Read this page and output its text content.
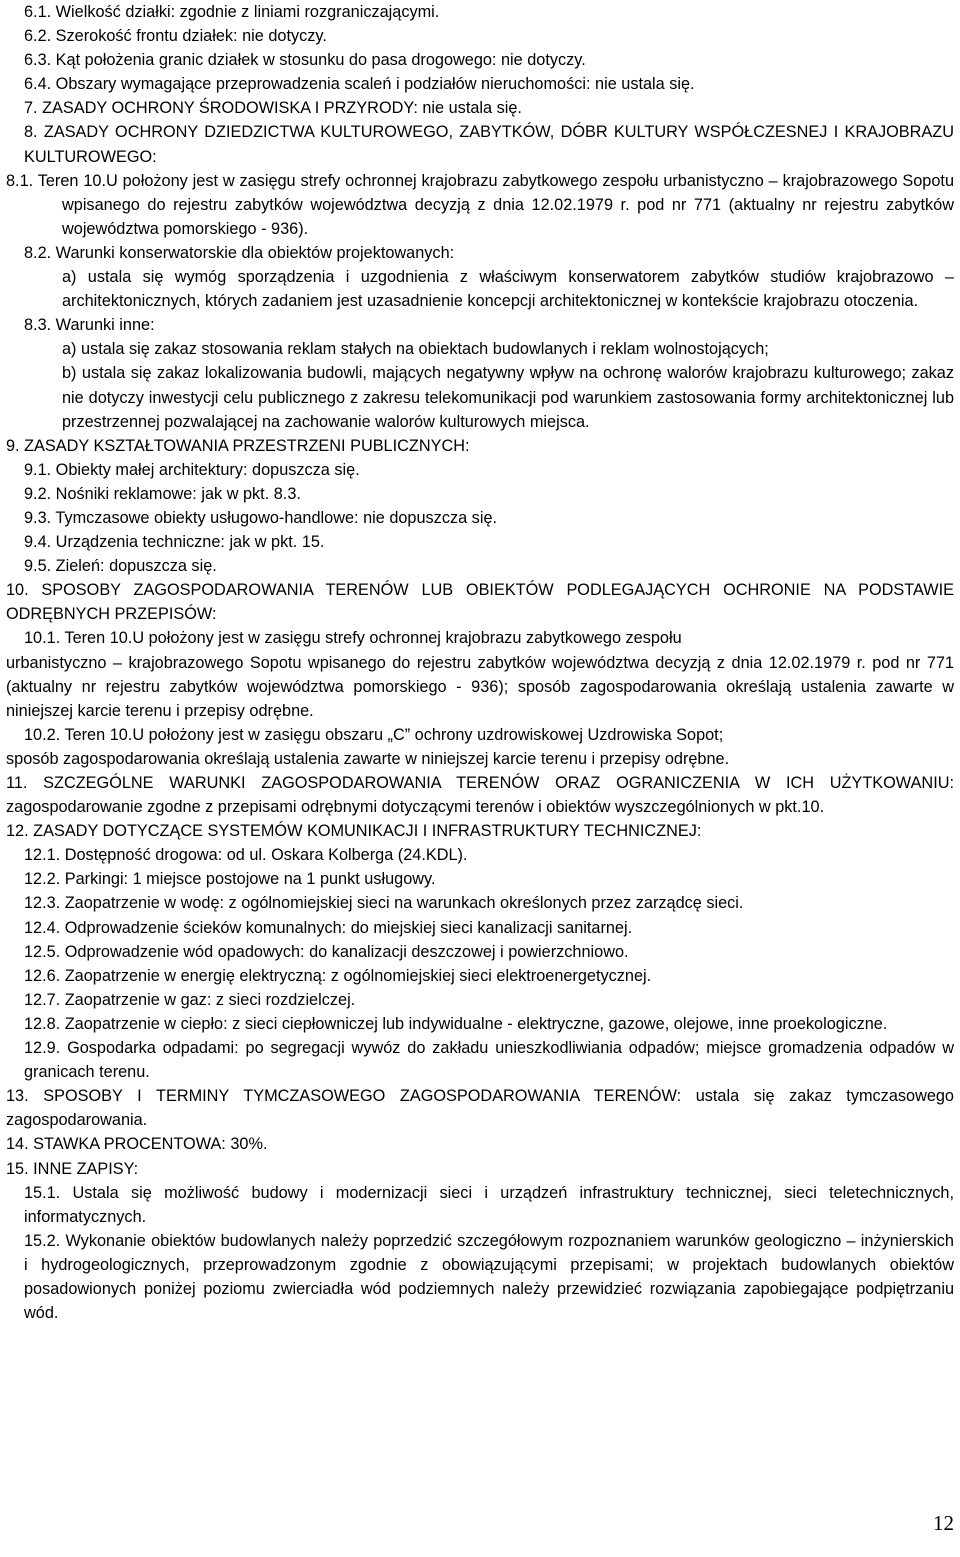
6.1. Wielkość działki: zgodnie z liniami rozgraniczającymi.

6.2. Szerokość frontu działek: nie dotyczy.

6.3. Kąt położenia granic działek w stosunku do pasa drogowego: nie dotyczy.

6.4. Obszary wymagające przeprowadzenia scaleń i podziałów nieruchomości: nie ustala się.

7. ZASADY OCHRONY ŚRODOWISKA I PRZYRODY: nie ustala się.

8. ZASADY OCHRONY DZIEDZICTWA KULTUROWEGO, ZABYTKÓW, DÓBR KULTURY WSPÓŁCZESNEJ I KRAJOBRAZU KULTUROWEGO:

8.1. Teren 10.U położony jest w zasięgu strefy ochronnej krajobrazu zabytkowego zespołu urbanistyczno – krajobrazowego Sopotu wpisanego do rejestru zabytków województwa decyzją z dnia 12.02.1979 r. pod nr 771 (aktualny nr rejestru zabytków województwa pomorskiego - 936).

8.2. Warunki konserwatorskie dla obiektów projektowanych:

a) ustala się wymóg sporządzenia i uzgodnienia z właściwym konserwatorem zabytków studiów krajobrazowo – architektonicznych, których zadaniem jest uzasadnienie koncepcji architektonicznej w kontekście krajobrazu otoczenia.

8.3. Warunki inne:

a) ustala się zakaz stosowania reklam stałych na obiektach budowlanych i reklam wolnostojących;

b) ustala się zakaz lokalizowania budowli, mających negatywny wpływ na ochronę walorów krajobrazu kulturowego; zakaz nie dotyczy inwestycji celu publicznego z zakresu telekomunikacji pod warunkiem zastosowania formy architektonicznej lub przestrzennej pozwalającej na zachowanie walorów kulturowych miejsca.

9. ZASADY KSZTAŁTOWANIA PRZESTRZENI PUBLICZNYCH:

9.1. Obiekty małej architektury: dopuszcza się.

9.2. Nośniki reklamowe: jak w pkt. 8.3.

9.3. Tymczasowe obiekty usługowo-handlowe: nie dopuszcza się.

9.4. Urządzenia techniczne: jak w pkt. 15.

9.5. Zieleń: dopuszcza się.

10. SPOSOBY ZAGOSPODAROWANIA TERENÓW LUB OBIEKTÓW PODLEGAJĄCYCH OCHRONIE NA PODSTAWIE ODRĘBNYCH PRZEPISÓW:

10.1. Teren 10.U położony jest w zasięgu strefy ochronnej krajobrazu zabytkowego zespołu

urbanistyczno – krajobrazowego Sopotu wpisanego do rejestru zabytków województwa decyzją z dnia 12.02.1979 r. pod nr 771 (aktualny nr rejestru zabytków województwa pomorskiego - 936); sposób zagospodarowania określają ustalenia zawarte w niniejszej karcie terenu i przepisy odrębne.

10.2. Teren 10.U położony jest w zasięgu obszaru „C” ochrony uzdrowiskowej Uzdrowiska Sopot;

sposób zagospodarowania określają ustalenia zawarte w niniejszej karcie terenu i przepisy odrębne.

11. SZCZEGÓLNE WARUNKI ZAGOSPODAROWANIA TERENÓW ORAZ OGRANICZENIA W ICH UŻYTKOWANIU: zagospodarowanie zgodne z przepisami odrębnymi dotyczącymi terenów i obiektów wyszczególnionych w pkt.10.

12. ZASADY DOTYCZĄCE SYSTEMÓW KOMUNIKACJI I INFRASTRUKTURY TECHNICZNEJ:

12.1. Dostępność drogowa: od ul. Oskara Kolberga (24.KDL).

12.2. Parkingi: 1 miejsce postojowe na 1 punkt usługowy.

12.3. Zaopatrzenie w wodę: z ogólnomiejskiej sieci na warunkach określonych przez zarządcę sieci.

12.4. Odprowadzenie ścieków komunalnych: do miejskiej sieci kanalizacji sanitarnej.

12.5. Odprowadzenie wód opadowych: do kanalizacji deszczowej i powierzchniowo.

12.6. Zaopatrzenie w energię elektryczną: z ogólnomiejskiej sieci elektroenergetycznej.

12.7. Zaopatrzenie w gaz: z sieci rozdzielczej.

12.8. Zaopatrzenie w ciepło: z sieci ciepłowniczej lub indywidualne - elektryczne, gazowe, olejowe, inne proekologiczne.

12.9. Gospodarka odpadami: po segregacji wywóz do zakładu unieszkodliwiania odpadów; miejsce gromadzenia odpadów w granicach terenu.

13. SPOSOBY I TERMINY TYMCZASOWEGO ZAGOSPODAROWANIA TERENÓW: ustala się zakaz tymczasowego zagospodarowania.

14. STAWKA PROCENTOWA: 30%.

15. INNE ZAPISY:

15.1. Ustala się możliwość budowy i modernizacji sieci i urządzeń infrastruktury technicznej, sieci teletechnicznych, informatycznych.

15.2. Wykonanie obiektów budowlanych należy poprzedzić szczegółowym rozpoznaniem warunków geologiczno – inżynierskich i hydrogeologicznych, przeprowadzonym zgodnie z obowiązującymi przepisami; w projektach budowlanych obiektów posadowionych poniżej poziomu zwierciadła wód podziemnych należy przewidzieć rozwiązania zapobiegające podpiętrzaniu wód.

12
